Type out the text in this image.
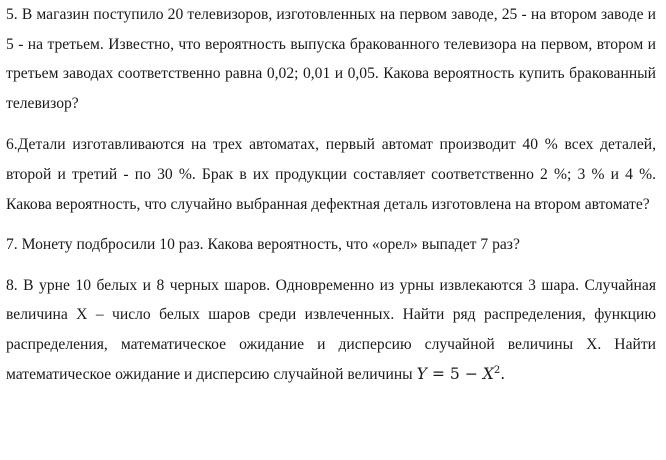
5. В магазин поступило 20 телевизоров, изготовленных на первом заводе, 25 - на втором заводе и 5 - на третьем. Известно, что вероятность выпуска бракованного телевизора на первом, втором и третьем заводах соответственно равна 0,02; 0,01 и 0,05. Какова вероятность купить бракованный телевизор?

6.Детали изготавливаются на трех автоматах, первый автомат производит 40 % всех деталей, второй и третий - по 30 %. Брак в их продукции составляет соответственно 2 %; 3 % и 4 %. Какова вероятность, что случайно выбранная дефектная деталь изготовлена на втором автомате?

7. Монету подбросили 10 раз. Какова вероятность, что «орел» выпадет 7 раз?

8. В урне 10 белых и 8 черных шаров. Одновременно из урны извлекаются 3 шара. Случайная величина X – число белых шаров среди извлеченных. Найти ряд распределения, функцию распределения, математическое ожидание и дисперсию случайной величины X. Найти математическое ожидание и дисперсию случайной величины $Y = 5 - X^2$.
